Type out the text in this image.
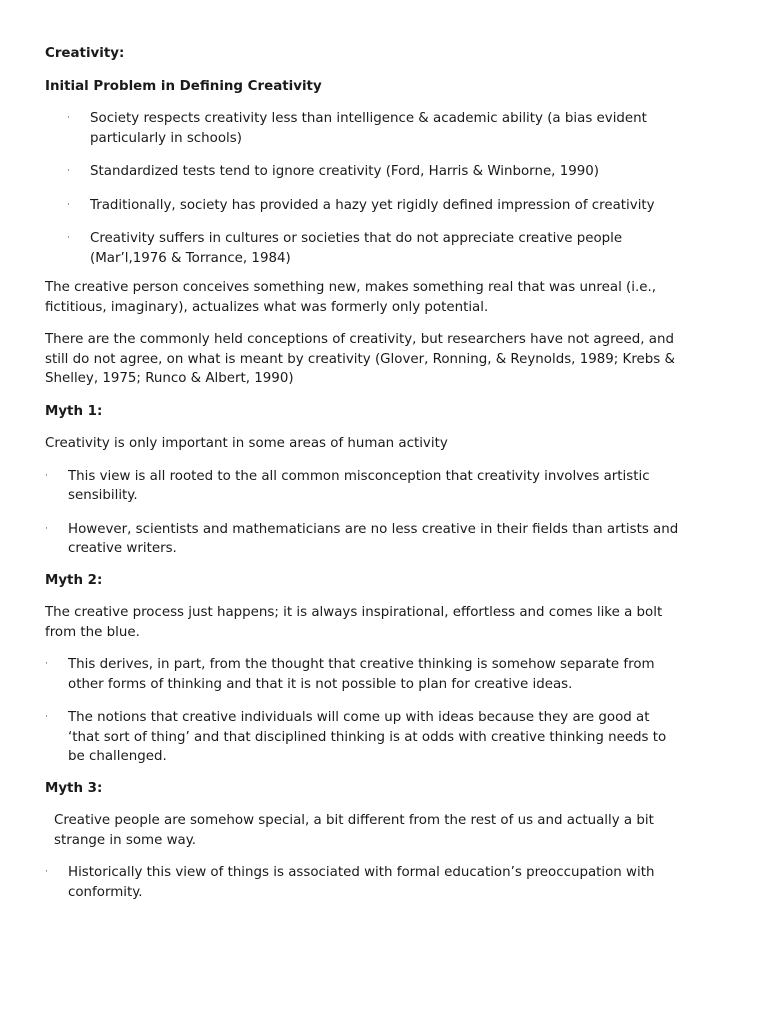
Creativity:

Initial Problem in Defining Creativity

· Society respects creativity less than intelligence & academic ability (a bias evident particularly in schools)
· Standardized tests tend to ignore creativity (Ford, Harris & Winborne, 1990)
· Traditionally, society has provided a hazy yet rigidly defined impression of creativity
· Creativity suffers in cultures or societies that do not appreciate creative people (Mar’l,1976 & Torrance, 1984)

The creative person conceives something new, makes something real that was unreal (i.e., fictitious, imaginary), actualizes what was formerly only potential.

There are the commonly held conceptions of creativity, but researchers have not agreed, and still do not agree, on what is meant by creativity (Glover, Ronning, & Reynolds, 1989; Krebs & Shelley, 1975; Runco & Albert, 1990)

Myth 1:

Creativity is only important in some areas of human activity

· This view is all rooted to the all common misconception that creativity involves artistic sensibility.
· However, scientists and mathematicians are no less creative in their fields than artists and creative writers.

Myth 2:

The creative process just happens; it is always inspirational, effortless and comes like a bolt from the blue.

· This derives, in part, from the thought that creative thinking is somehow separate from other forms of thinking and that it is not possible to plan for creative ideas.
· The notions that creative individuals will come up with ideas because they are good at ‘that sort of thing’ and that disciplined thinking is at odds with creative thinking needs to be challenged.

Myth 3:

Creative people are somehow special, a bit different from the rest of us and actually a bit strange in some way.

· Historically this view of things is associated with formal education’s preoccupation with conformity.
